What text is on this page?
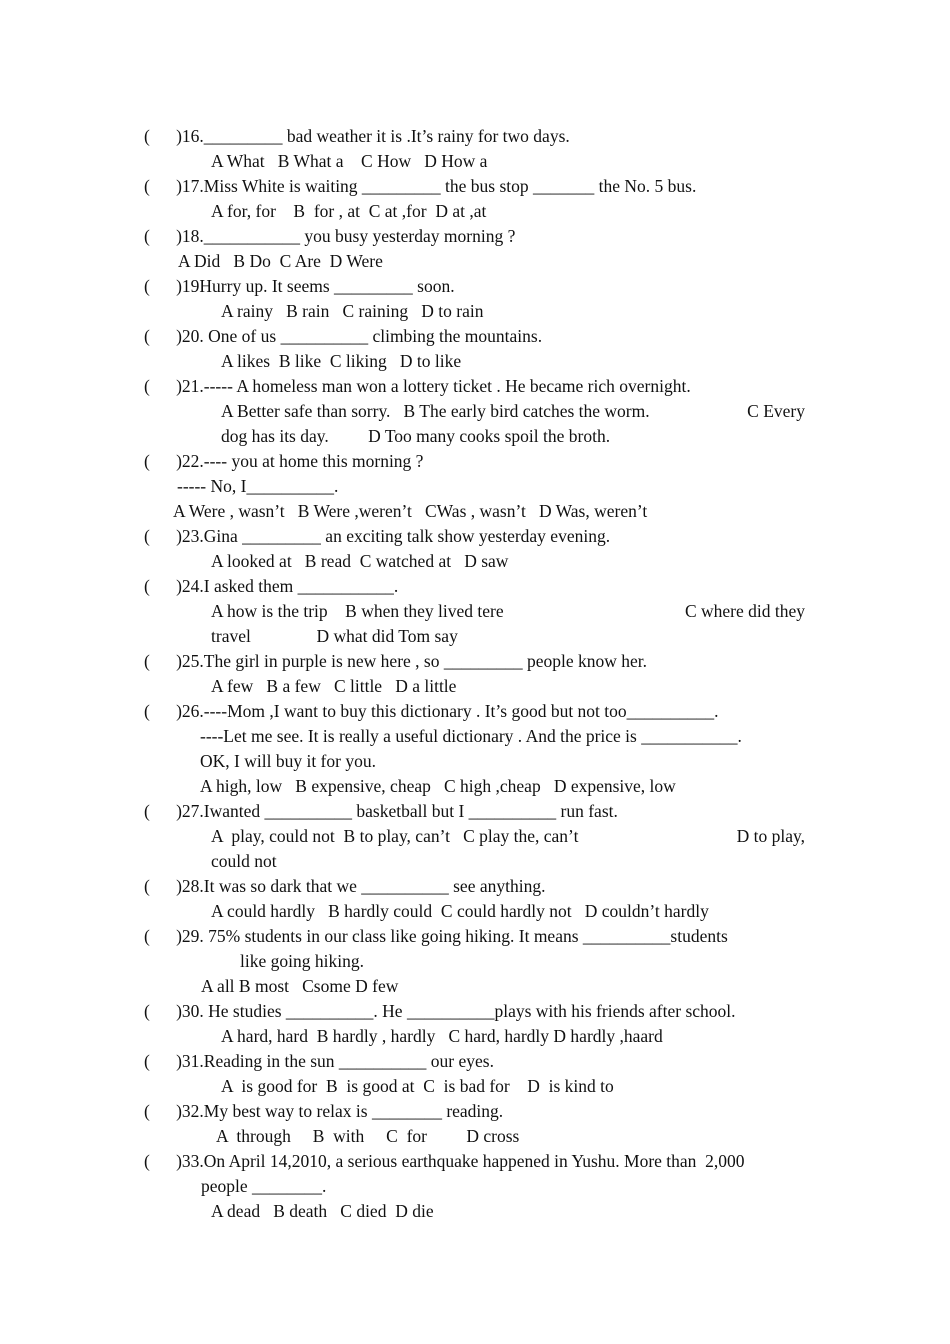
(      )16._________ bad weather it is .It’s rainy for two days.
A What   B What a    C How   D How a
(      )17.Miss White is waiting _________ the bus stop _______ the No. 5 bus.
A for, for    B  for , at  C at ,for  D at ,at
(      )18.___________ you busy yesterday morning ?
A Did   B Do  C Are  D Were
(      )19Hurry up. It seems _________ soon.
A rainy   B rain   C raining   D to rain
(      )20. One of us __________ climbing the mountains.
A likes  B like  C liking   D to like
(      )21.----- A homeless man won a lottery ticket . He became rich overnight.
A Better safe than sorry.   B The early bird catches the worm.	C Every
dog has its day.         D Too many cooks spoil the broth.
(      )22.---- you at home this morning ?
----- No, I__________.
A Were , wasn’t   B Were ,weren’t   CWas , wasn’t   D Was, weren’t
(      )23.Gina _________ an exciting talk show yesterday evening.
A looked at   B read  C watched at   D saw
(      )24.I asked them ___________.
A how is the trip    B when they lived tere	C where did they
travel               D what did Tom say
(      )25.The girl in purple is new here , so _________ people know her.
A few   B a few   C little   D a little
(      )26.----Mom ,I want to buy this dictionary . It’s good but not too__________.
----Let me see. It is really a useful dictionary . And the price is ___________.
OK, I will buy it for you.
A high, low   B expensive, cheap   C high ,cheap   D expensive, low
(      )27.Iwanted __________ basketball but I __________ run fast.
A  play, could not  B to play, can’t   C play the, can’t	D to play,
could not
(      )28.It was so dark that we __________ see anything.
A could hardly   B hardly could  C could hardly not   D couldn’t hardly
(      )29. 75% students in our class like going hiking. It means __________students
like going hiking.
A all B most   Csome D few
(      )30. He studies __________. He __________plays with his friends after school.
A hard, hard  B hardly , hardly   C hard, hardly D hardly ,haard
(      )31.Reading in the sun __________ our eyes.
A  is good for  B  is good at  C  is bad for    D  is kind to
(      )32.My best way to relax is ________ reading.
A  through     B  with     C  for         D cross
(      )33.On April 14,2010, a serious earthquake happened in Yushu. More than  2,000
people ________.
A dead   B death   C died  D die
